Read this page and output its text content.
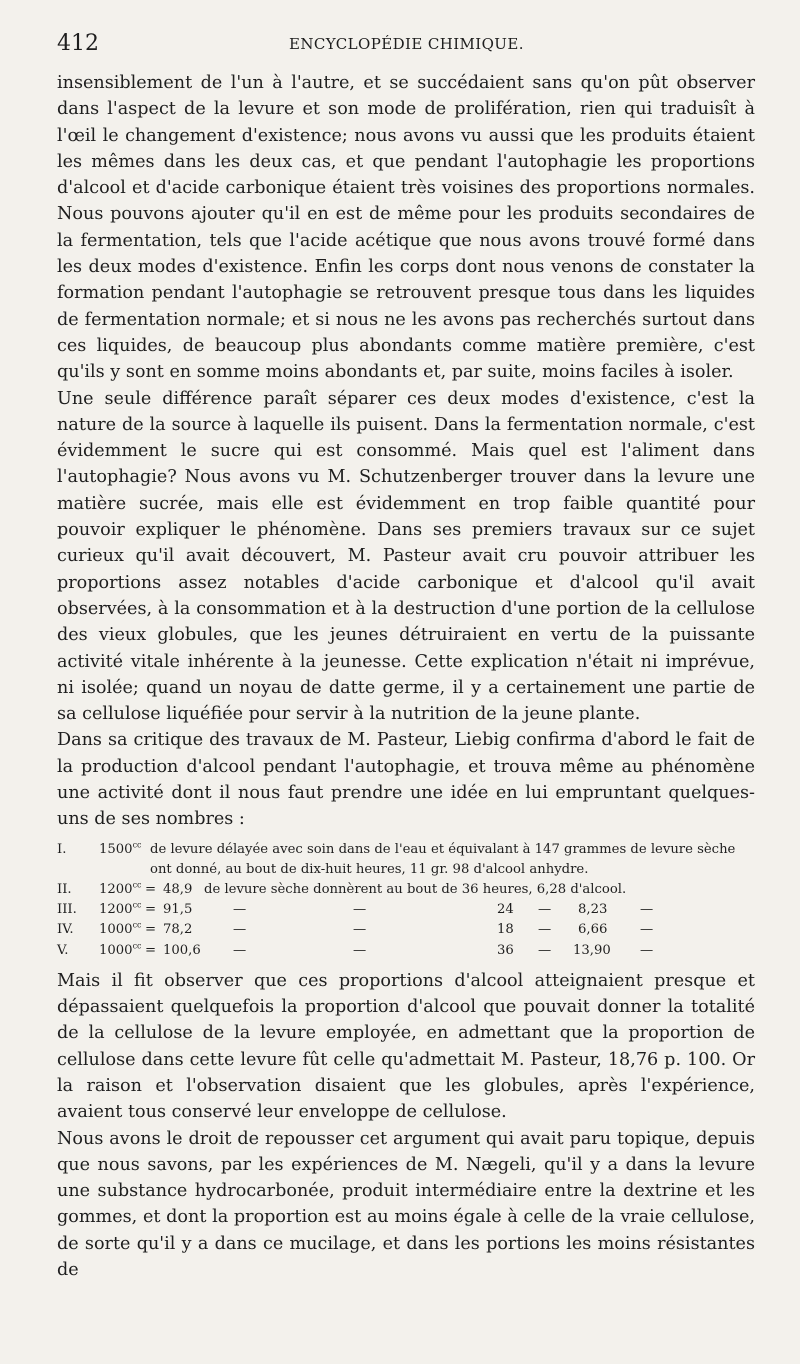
412	ENCYCLOPÉDIE CHIMIQUE.

insensiblement de l'un à l'autre, et se succédaient sans qu'on pût observer dans l'aspect de la levure et son mode de prolifération, rien qui traduisît à l'œil le changement d'existence; nous avons vu aussi que les produits étaient les mêmes dans les deux cas, et que pendant l'autophagie les proportions d'alcool et d'acide carbonique étaient très voisines des proportions normales. Nous pouvons ajouter qu'il en est de même pour les produits secondaires de la fermentation, tels que l'acide acétique que nous avons trouvé formé dans les deux modes d'existence. Enfin les corps dont nous venons de constater la formation pendant l'autophagie se retrouvent presque tous dans les liquides de fermentation normale; et si nous ne les avons pas recherchés surtout dans ces liquides, de beaucoup plus abondants comme matière première, c'est qu'ils y sont en somme moins abondants et, par suite, moins faciles à isoler.

Une seule différence paraît séparer ces deux modes d'existence, c'est la nature de la source à laquelle ils puisent. Dans la fermentation normale, c'est évidemment le sucre qui est consommé. Mais quel est l'aliment dans l'autophagie? Nous avons vu M. Schutzenberger trouver dans la levure une matière sucrée, mais elle est évidemment en trop faible quantité pour pouvoir expliquer le phénomène. Dans ses premiers travaux sur ce sujet curieux qu'il avait découvert, M. Pasteur avait cru pouvoir attribuer les proportions assez notables d'acide carbonique et d'alcool qu'il avait observées, à la consommation et à la destruction d'une portion de la cellulose des vieux globules, que les jeunes détruiraient en vertu de la puissante activité vitale inhérente à la jeunesse. Cette explication n'était ni imprévue, ni isolée; quand un noyau de datte germe, il y a certainement une partie de sa cellulose liquéfiée pour servir à la nutrition de la jeune plante.

Dans sa critique des travaux de M. Pasteur, Liebig confirma d'abord le fait de la production d'alcool pendant l'autophagie, et trouva même au phénomène une activité dont il nous faut prendre une idée en lui empruntant quelques-uns de ses nombres :

I. $1500^{cc}$ de levure délayée avec soin dans de l'eau et équivalant à 147 grammes de levure sèche
ont donné, au bout de dix-huit heures, 11 gr. 98 d'alcool anhydre.
II. $1200^{cc} = 48,9$ de levure sèche donnèrent au bout de 36 heures, 6,28 d'alcool.
III. $1200^{cc} = 91,5$	—	—	24 — 8,23 —
IV. $1000^{cc} = 78,2$	—	—	18 — 6,66 —
V. $1000^{cc} = 100,6$ —	—	36 — 13,90 —

Mais il fit observer que ces proportions d'alcool atteignaient presque et dépassaient quelquefois la proportion d'alcool que pouvait donner la totalité de la cellulose de la levure employée, en admettant que la proportion de cellulose dans cette levure fût celle qu'admettait M. Pasteur, 18,76 p. 100. Or la raison et l'observation disaient que les globules, après l'expérience, avaient tous conservé leur enveloppe de cellulose.

Nous avons le droit de repousser cet argument qui avait paru topique, depuis que nous savons, par les expériences de M. Nægeli, qu'il y a dans la levure une substance hydrocarbonée, produit intermédiaire entre la dextrine et les gommes, et dont la proportion est au moins égale à celle de la vraie cellulose, de sorte qu'il y a dans ce mucilage, et dans les portions les moins résistantes de
